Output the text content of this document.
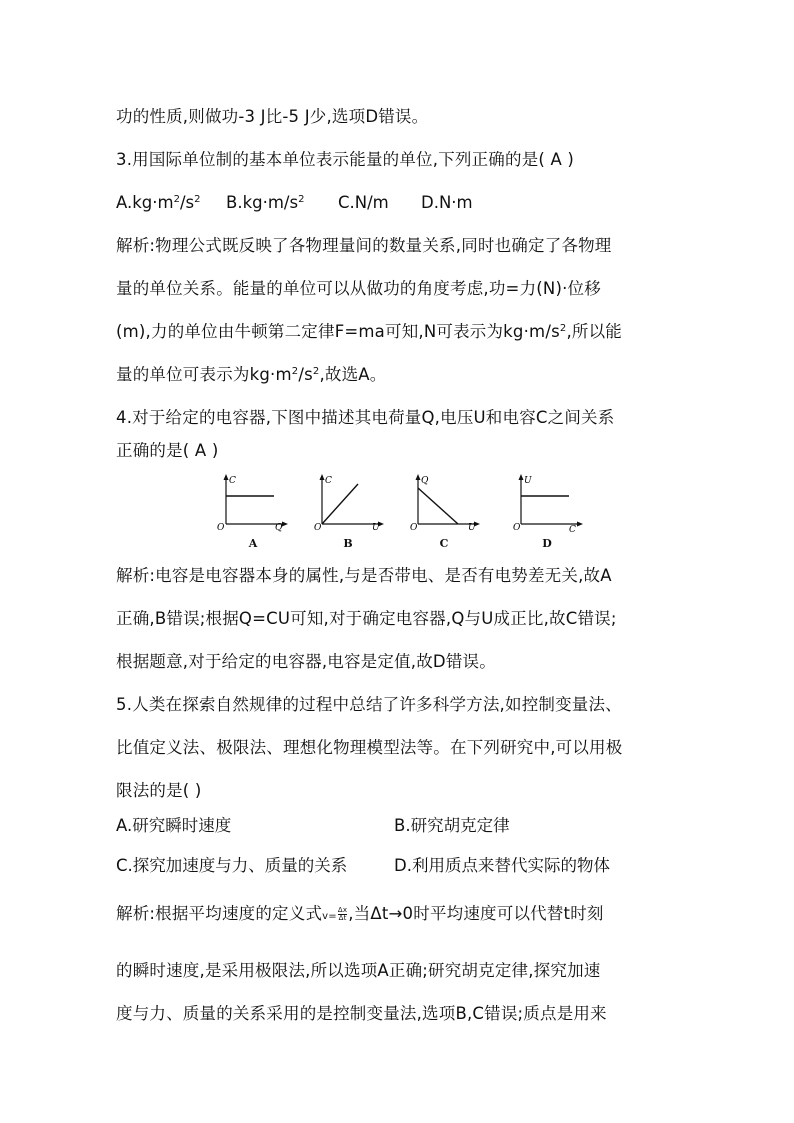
功的性质,则做功-3 J比-5 J少,选项D错误。
3.用国际单位制的基本单位表示能量的单位,下列正确的是( A )
$A.kg\cdot m^2/s^2$ $B.kg\cdot m/s^2$ C.N/m D.N·m
解析:物理公式既反映了各物理量间的数量关系,同时也确定了各物理
量的单位关系。能量的单位可以从做功的角度考虑,功=力(N)·位移
(m),力的单位由牛顿第二定律F=ma可知,N可表示为$kg\cdot m/s^2$,所以能
量的单位可表示为$kg\cdot m^2/s^2$,故选A。
4.对于给定的电容器,下图中描述其电荷量Q,电压U和电容C之间关系
正确的是( A )
C
Q
O
A
C
U
O
B
Q
U
O
C
U
C
O
D
解析:电容是电容器本身的属性,与是否带电、是否有电势差无关,故A
正确,B错误;根据Q=CU可知,对于确定电容器,Q与U成正比,故C错误;
根据题意,对于给定的电容器,电容是定值,故D错误。
5.人类在探索自然规律的过程中总结了许多科学方法,如控制变量法、
比值定义法、极限法、理想化物理模型法等。在下列研究中,可以用极
限法的是( )
A.研究瞬时速度	B.研究胡克定律
C.探究加速度与力、质量的关系	D.利用质点来替代实际的物体
解析:根据平均速度的定义式$v= \frac{\Delta x}{\Delta t}$ ,当Δt→0时平均速度可以代替t时刻
的瞬时速度,是采用极限法,所以选项A正确;研究胡克定律,探究加速
度与力、质量的关系采用的是控制变量法,选项B,C错误;质点是用来
